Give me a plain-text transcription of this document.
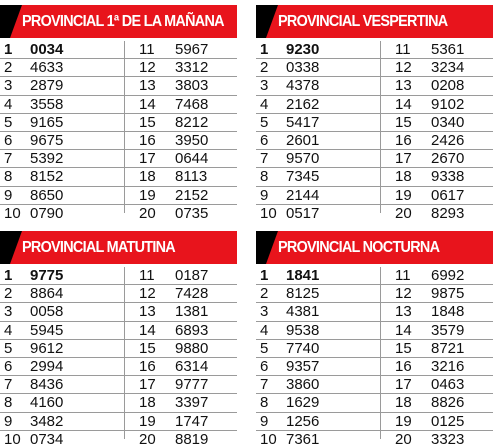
PROVINCIAL 1ª DE LA MAÑANA
1 0034	11 5967
2 4633	12 3312
3 2879	13 3803
4 3558	14 7468
5 9165	15 8212
6 9675	16 3950
7 5392	17 0644
8 8152	18 8113
9 8650	19 2152
10 0790	20 0735
PROVINCIAL VESPERTINA
1 9230	11 5361
2 0338	12 3234
3 4378	13 0208
4 2162	14 9102
5 5417	15 0340
6 2601	16 2426
7 9570	17 2670
8 7345	18 9338
9 2144	19 0617
10 0517	20 8293
PROVINCIAL MATUTINA
1 9775	11 0187
2 8864	12 7428
3 0058	13 1381
4 5945	14 6893
5 9612	15 9880
6 2994	16 6314
7 8436	17 9777
8 4160	18 3397
9 3482	19 1747
10 0734	20 8819
PROVINCIAL NOCTURNA
1 1841	11 6992
2 8125	12 9875
3 4381	13 1848
4 9538	14 3579
5 7740	15 8721
6 9357	16 3216
7 3860	17 0463
8 1629	18 8826
9 1256	19 0125
10 7361	20 3323
